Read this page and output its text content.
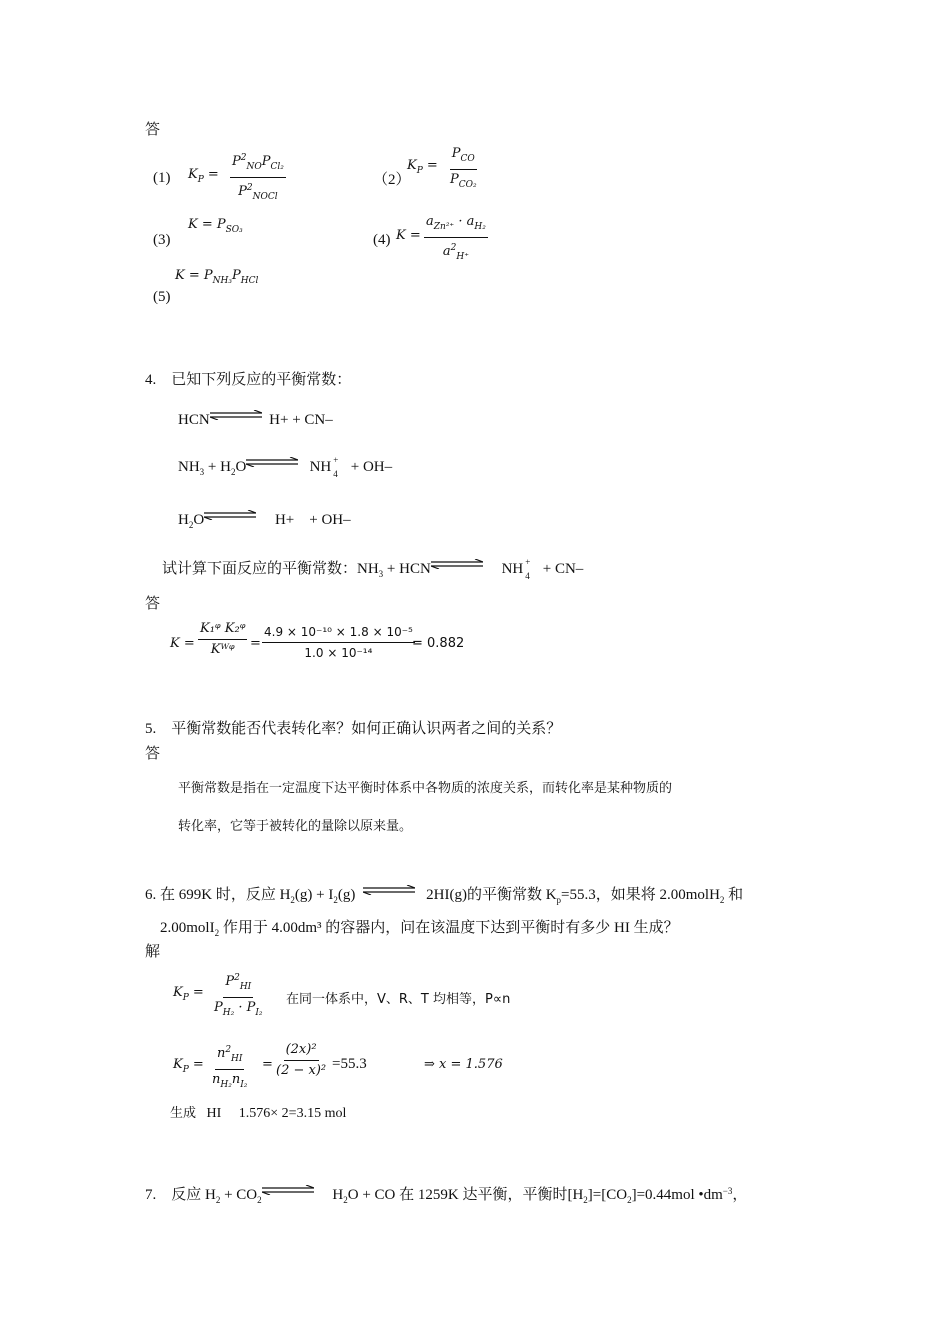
答
(1) $K_P$ =
$P^2_{NO}P_{Cl_2}$
$P^2_{NOCl}$
（2）
$K_P$ =
$P_{CO}$
$P_{CO_2}$
$K = P_{SO_3}$
(3)	(4) K =
$a_{Zn^{2+}} \cdot a_{H_2}$
$a^2_{H^+}$
$K = P_{NH_3}P_{HCl}$
(5)
4.　已知下列反应的平衡常数：
HCN	H+ + CN–
$NH_3 + H_2O$	NH +
4 + OH–
$H_2O$	H+ + OH–
试计算下面反应的平衡常数：$NH_3$ + HCN	NH +
4 + CN–
答
K =
K₁ᵠ K₂ᵠ
Kᵂᵠ = $\frac{\text{4.9 × 10⁻¹⁰ × 1.8 × 10⁻⁵}}{\text{1.0 × 10⁻¹⁴}}$
= 0.882
5.　平衡常数能否代表转化率？如何正确认识两者之间的关系？
答
平衡常数是指在一定温度下达平衡时体系中各物质的浓度关系，而转化率是某种物质的
转化率，它等于被转化的量除以原来量。
6. 在 699K 时，反应 $H_2(g) + I_2(g)$	2HI(g)的平衡常数 $K_p=55.3$，如果将 2.00molH$_2$ 和
2.00molI$_2$ 作用于 4.00dm³ 的容器内，问在该温度下达到平衡时有多少 HI 生成？
解
$K_P = \frac{P^2_{HI}}{P_{H_2} \cdot P_{I_2}}$ 在同一体系中，V、R、T 均相等，P∝n
$K_P = \frac{n^2_{HI}}{n_{H_2}n_{I_2}} = \frac{\text{(2x)²}}{\text{(2 − x)²}} =55.3$	⇒ x = 1.576
生成 HI  1.576× 2=3.15 mol
7.　反应 $H_2 + CO_2$	$H_2O$ + CO 在 1259K 达平衡，平衡时$[H_2]=[CO_2]=0.44mol$ $•dm^{-3}$，
